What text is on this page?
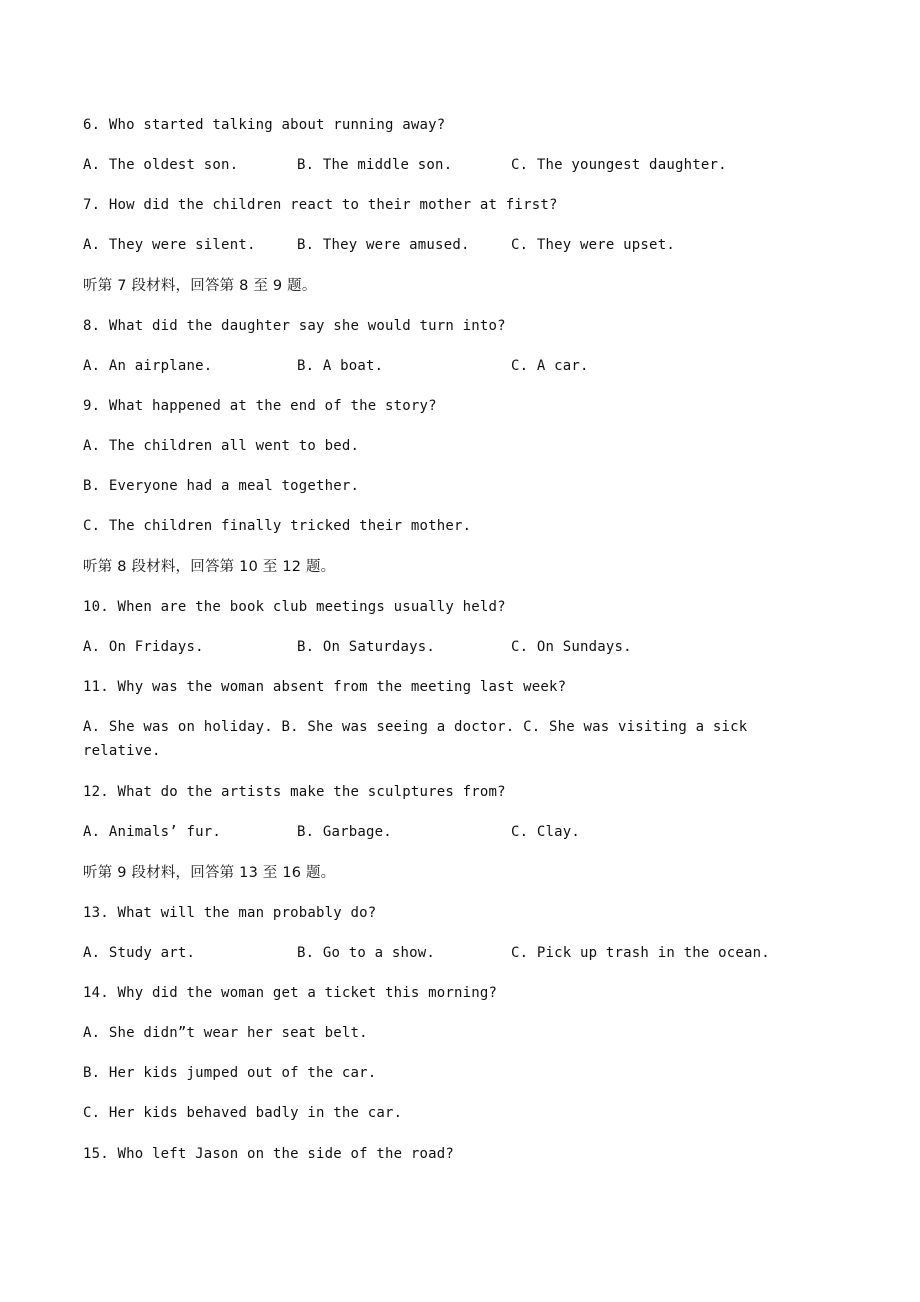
6. Who started talking about running away?

A. The oldest son.

	B. The middle son.

	C. The youngest daughter.

7. How did the children react to their mother at first?

A. They were silent.

	B. They were amused.

	C. They were upset.

听第 7 段材料，回答第 8 至 9 题。
8. What did the daughter say she would turn into?

A. An airplane.

	B. A boat.

	C. A car.

9. What happened at the end of the story?
A. The children all went to bed.
B. Everyone had a meal together.
C. The children finally tricked their mother.
听第 8 段材料，回答第 10 至 12 题。
10. When are the book club meetings usually held?

A. On Fridays.

	B. On Saturdays.

	C. On Sundays.

11. Why was the woman absent from the meeting last week?
A. She was on holiday. B. She was seeing a doctor. C. She was visiting a sick relative.
12. What do the artists make the sculptures from?

A. Animals’ fur.

	B. Garbage.

	C. Clay.

听第 9 段材料，回答第 13 至 16 题。
13. What will the man probably do?

A. Study art.

	B. Go to a show.

	C. Pick up trash in the ocean.

14. Why did the woman get a ticket this morning?
A. She didn”t wear her seat belt.
B. Her kids jumped out of the car.
C. Her kids behaved badly in the car.
15. Who left Jason on the side of the road?
